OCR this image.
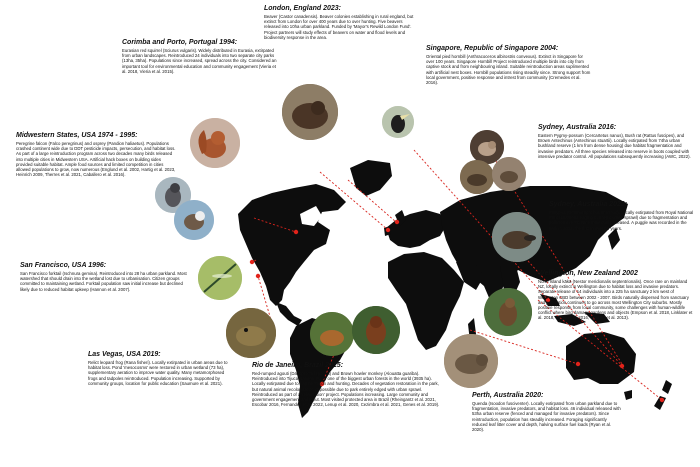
Corimba and Porto, Portugal 1994:

Eurasian red squirrel (Sciurus vulgaris). Widely distributed in Eurasia, extirpated from urban landscapes. Reintroduced 24 individuals into two separate city parks (13ha, 35ha). Populations since increased, spread across the city. Considered an important tool for environmental education and community engagement (Vieria et al. 2018, Vieria et al. 2015).

London, England 2023:

Beaver (Castor canadensis). Beaver colonies establishing in rural england, but extinct from London for over 400 years due to over hunting. Five beavers released into 10ha urban parkland. Funded by 'Mayor's Rewild London Fund'. Project partners will study effects of beavers on water and flood levels and biodiversity response in the area.

Singapore, Republic of Singapore 2004:

Oriental pied hornbill (Anthracoceros albirostris convexus). Extinct in Singapore for over 100 years. Singapore Hornbill Project reintroduced multiple birds into city from captive stock and from neighbouring island. Suitable reintroduction areas suplimented with artificial nest boxes. Hornbill populations rising steadily since. Strong support from local government, positive response and intrest from community (Cremedes et al. 2016).

Midwestern States, USA 1974 - 1995:

Peregrine falcon (Falco peregrinus) and osprey (Pandion haliaetus). Populations crashed continent wide due to DDT pesticide impacts, persecution, and habitat loss. As part of a large reintroduction program across two decades many birds released into multiple cities in Midwestern USA. Artificial hack boxes on building sides provided suitable habitat. Ample food sources and limited competition in cities allowed populations to grow, now numerous (Englund et al. 2002, Hartig et al. 2023, Heinrich 2009, Therres et al. 2021, Caballero et al. 2016).

Sydney, Australia 2016:

Eastern Pygmy-possum (Cercartetus nanus), Bush rat (Rattus fuscipes), and Brown Antechinus (Antechinus stuartii). Locally extirpated from 74ha urban bushland reserve (1 km from dense housing) due habitat fragmentation and invasive predators. All three species released into reserve in boots coupled with intensive predator control. All populations subsequently increasing (AWC, 2022).

Sydney, Australia 2023:

Platypus (Ornithorhynchus anatinus). Locally extirpated from Royal National Park (16,000ha edging Sydney's urban sprawl) due to fragmentation and pollution events. Nine individuals released. A puggle was recorded in the park in 2024, the first in over 50 years.

San Francisco, USA 1996:

San Francisco forktail (Ischnura gemina). Reintroduced into 28 ha urban parkland. Most watershed that should drain into the wetland lost due to urbanisation. Citizen groups committed to maintaining wetland. Forktail population saw initial increase but declined likely due to reduced habitat upkeep (Hannon et al. 2007).

Wellington, New Zealand 2002

North Island kākā (Nestor meridionalis septentrionalis). Once rare on mainland NZ, locally extinct in Wellington due to habitat loss and invasive predators. Separate release of 14 individuals into a 225 ha sanctuary 2 km west of Wellington CBD between 2002 - 2007. Birds naturally dispersed from sanctuary and population continues to go across most Wellington City suburbs. Mostly positive response from local community, some challenges with human-wildlife conflict where bird damage gardens and objects (Empson et al. 2018, Linklater et al. 2018, Recio et al. 2016, Charles et al. 2013).

Las Vegas, USA 2019:

Relict leopard frog (Rana fisheri). Locally extirpated in urban areas due to habitat loss. Pond 'mesocosms' were restored in urban wetland (73 ha), supplementary aeration to improve water quality. Many metamorphosed frogs and tadpoles reintroduced. Population increasing. Supported by community groups, location for public education (Saumure et al. 2021).

Rio de Janeiro, Brazil 2015:

Red-rumped agouti (Dasyprocta leporina) and Brown howler monkey (Alouatta guariba). Reintroduced into Tijuca National Park, one of the biggest urban forests in the world (3935 ha). Locally extirpated due to fragmentation and hunting. Decades of vegetation restoration in the park, but natural animal recolonisation impossible due to park entirely edged with urban sprawl. Reintroduced as part of a 'refaunation' project. Populations increasing. Large community and government engagement and input. Most visited protected area in Brazil (Rheingantz et al. 2021, Escobar 2016, Fernandez et al. 2022, Lenup et al. 2020, Cezimbra et al. 2021, Genes et al. 2019).

Perth, Australia 2020:

Quenda (Isoodon fusciventer). Locally extirpated from urban parkland due to fragmentation, invasive predators, and habitat loss. 46 individual released with 53ha urban reserve (fenced and managed for invasive predators). Since reintroduction, population has steadily increased. Foraging significantly reduced leaf litter cover and depth, halving surface fuel loads (Ryan et al. 2020).
